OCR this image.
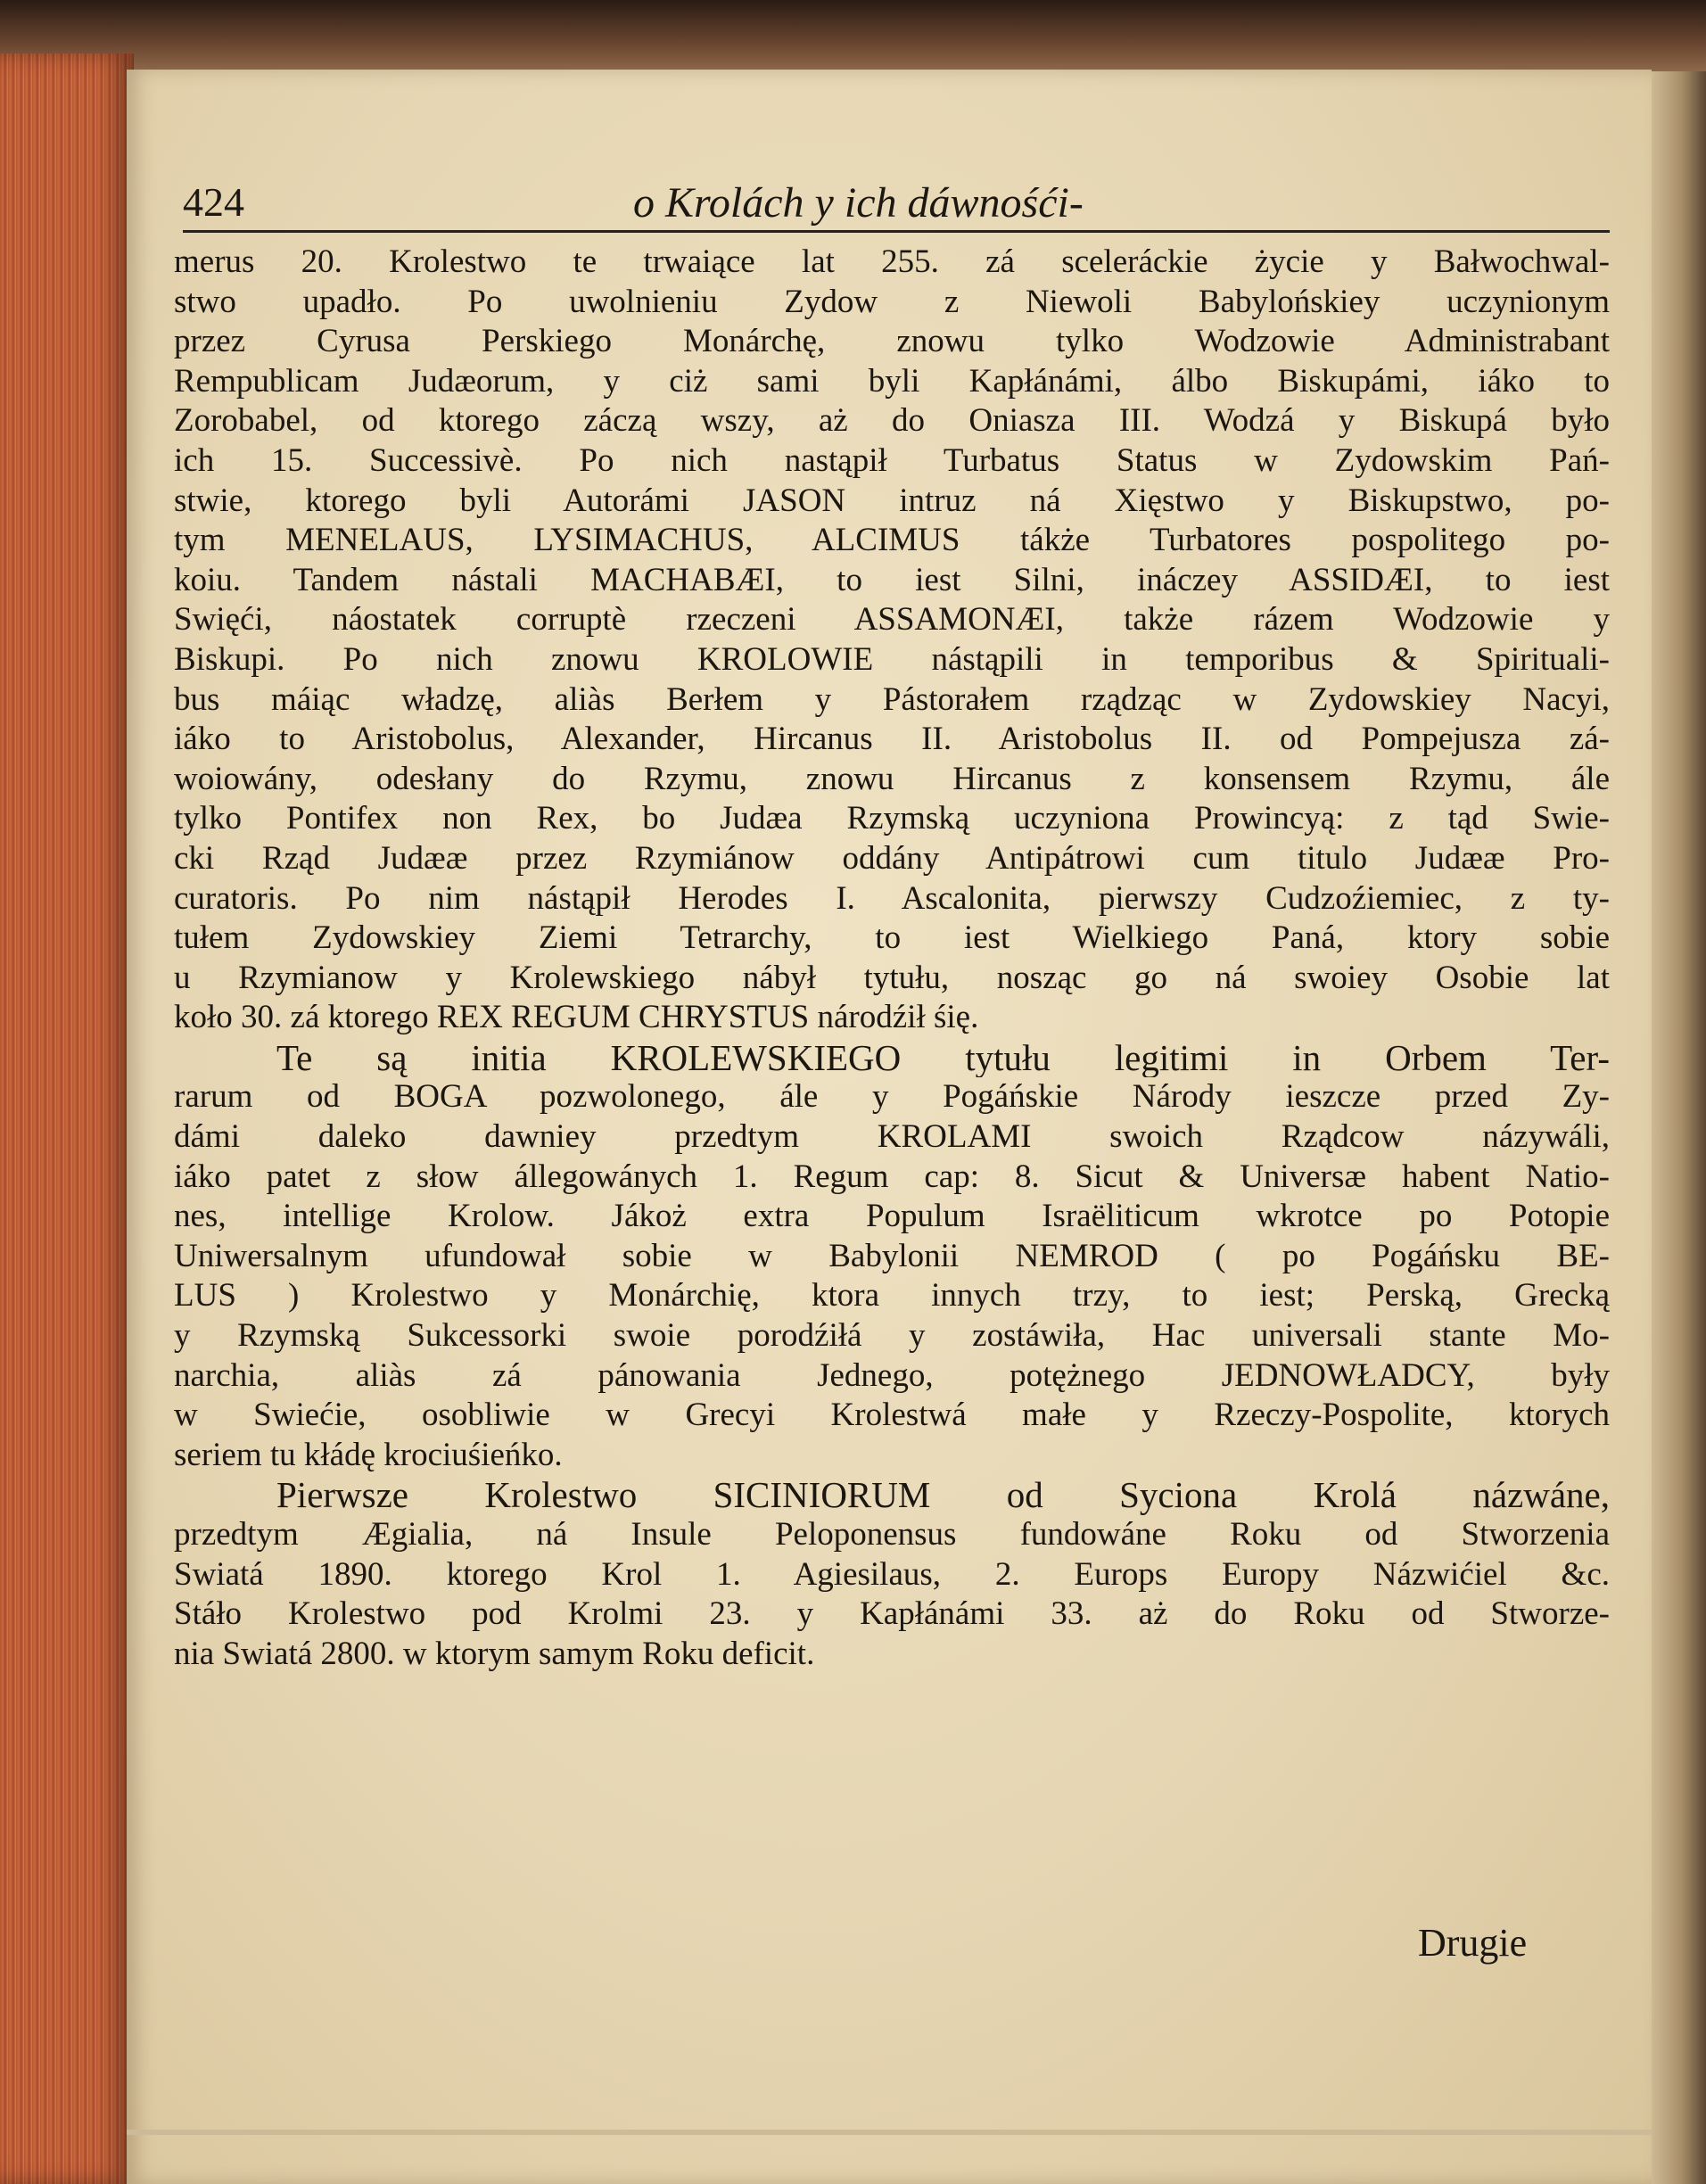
424	o Krolách y ich dáwnośći-
merus 20. Krolestwo te trwaiące lat 255. zá sceleráckie życie y Bałwochwal-
stwo upadło. Po uwolnieniu Zydow z Niewoli Babylońskiey uczynionym
przez Cyrusa Perskiego Monárchę, znowu tylko Wodzowie Administrabant
Rempublicam Judæorum, y ciż sami byli Kapłánámi, álbo Biskupámi, iáko to
Zorobabel, od ktorego záczą wszy, aż do Oniasza III. Wodzá y Biskupá było
ich 15. Successivè. Po nich nastąpił Turbatus Status w Zydowskim Pań-
stwie, ktorego byli Autorámi JASON intruz ná Xięstwo y Biskupstwo, po-
tym MENELAUS, LYSIMACHUS, ALCIMUS tákże Turbatores pospolitego po-
koiu. Tandem nástali MACHABÆI, to iest Silni, ináczey ASSIDÆI, to iest
Swięći, náostatek corruptè rzeczeni ASSAMONÆI, także rázem Wodzowie y
Biskupi. Po nich znowu KROLOWIE nástąpili in temporibus & Spirituali-
bus máiąc władzę, aliàs Berłem y Pástorałem rządząc w Zydowskiey Nacyi,
iáko to Aristobolus, Alexander, Hircanus II. Aristobolus II. od Pompejusza zá-
woiowány, odesłany do Rzymu, znowu Hircanus z konsensem Rzymu, ále
tylko Pontifex non Rex, bo Judæa Rzymską uczyniona Prowincyą: z tąd Swie-
cki Rząd Judææ przez Rzymiánow oddány Antipátrowi cum titulo Judææ Pro-
curatoris. Po nim nástąpił Herodes I. Ascalonita, pierwszy Cudzoźiemiec, z ty-
tułem Zydowskiey Ziemi Tetrarchy, to iest Wielkiego Paná, ktory sobie
u Rzymianow y Krolewskiego nábył tytułu, nosząc go ná swoiey Osobie lat
koło 30. zá ktorego REX REGUM CHRYSTUS národźił śię.
Te są initia KROLEWSKIEGO tytułu legitimi in Orbem Ter-
rarum od BOGA pozwolonego, ále y Pogáńskie Národy ieszcze przed Zy-
dámi daleko dawniey przedtym KROLAMI swoich Rządcow názywáli,
iáko patet z słow állegowánych 1. Regum cap: 8. Sicut & Universæ habent Natio-
nes, intellige Krolow. Jákoż extra Populum Israëliticum wkrotce po Potopie
Uniwersalnym ufundował sobie w Babylonii NEMROD ( po Pogáńsku BE-
LUS ) Krolestwo y Monárchię, ktora innych trzy, to iest; Perską, Grecką
y Rzymską Sukcessorki swoie porodźiłá y zostáwiła, Hac universali stante Mo-
narchia, aliàs zá pánowania Jednego, potężnego JEDNOWŁADCY, były
w Swiećie, osobliwie w Grecyi Krolestwá małe y Rzeczy-Pospolite, ktorych
seriem tu kłádę krociuśieńko.
Pierwsze Krolestwo SICINIORUM od Syciona Krolá názwáne,
przedtym Ægialia, ná Insule Peloponensus fundowáne Roku od Stworzenia
Swiatá 1890. ktorego Krol 1. Agiesilaus, 2. Europs Europy Názwićiel &c.
Stáło Krolestwo pod Krolmi 23. y Kapłánámi 33. aż do Roku od Stworze-
nia Swiatá 2800. w ktorym samym Roku deficit.
Drugie
